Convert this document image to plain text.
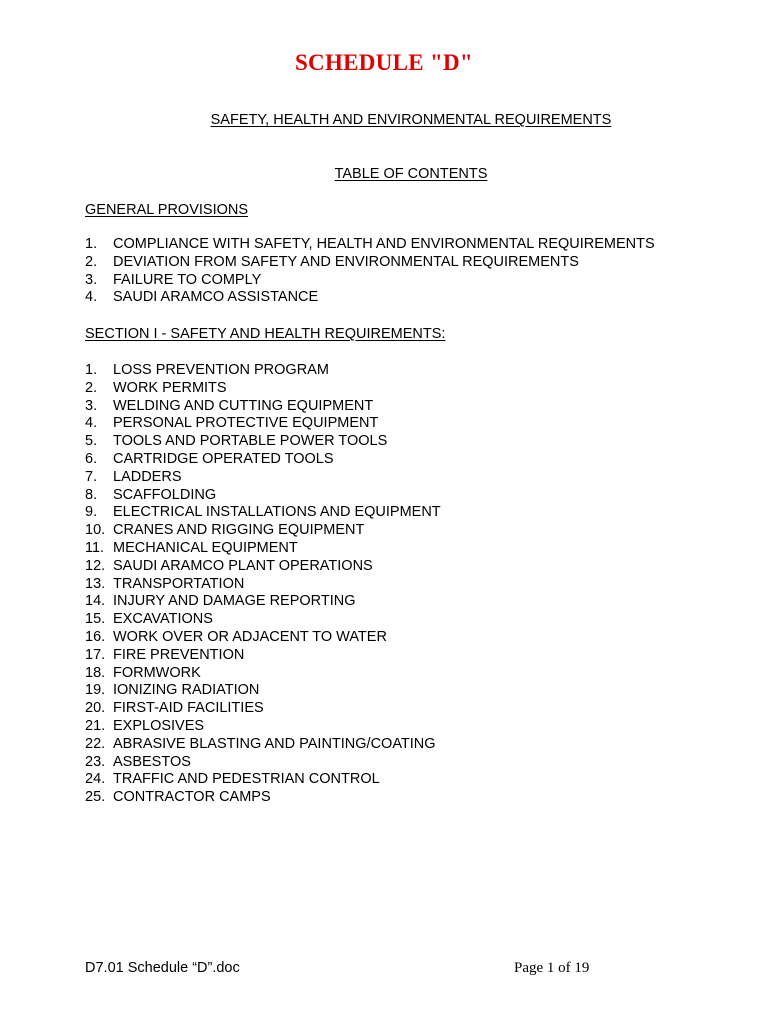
SCHEDULE "D"
SAFETY, HEALTH AND ENVIRONMENTAL REQUIREMENTS
TABLE OF CONTENTS
GENERAL PROVISIONS
1. COMPLIANCE WITH SAFETY, HEALTH AND ENVIRONMENTAL REQUIREMENTS
2. DEVIATION FROM SAFETY AND ENVIRONMENTAL REQUIREMENTS
3. FAILURE TO COMPLY
4. SAUDI ARAMCO ASSISTANCE
SECTION I - SAFETY AND HEALTH REQUIREMENTS:
1. LOSS PREVENTION PROGRAM
2. WORK PERMITS
3. WELDING AND CUTTING EQUIPMENT
4. PERSONAL PROTECTIVE EQUIPMENT
5. TOOLS AND PORTABLE POWER TOOLS
6. CARTRIDGE OPERATED TOOLS
7. LADDERS
8. SCAFFOLDING
9. ELECTRICAL INSTALLATIONS AND EQUIPMENT
10. CRANES AND RIGGING EQUIPMENT
11. MECHANICAL EQUIPMENT
12. SAUDI ARAMCO PLANT OPERATIONS
13. TRANSPORTATION
14. INJURY AND DAMAGE REPORTING
15. EXCAVATIONS
16. WORK OVER OR ADJACENT TO WATER
17. FIRE PREVENTION
18. FORMWORK
19. IONIZING RADIATION
20. FIRST-AID FACILITIES
21. EXPLOSIVES
22. ABRASIVE BLASTING AND PAINTING/COATING
23. ASBESTOS
24. TRAFFIC AND PEDESTRIAN CONTROL
25. CONTRACTOR CAMPS
D7.01 Schedule “D”.doc	Page 1 of 19
